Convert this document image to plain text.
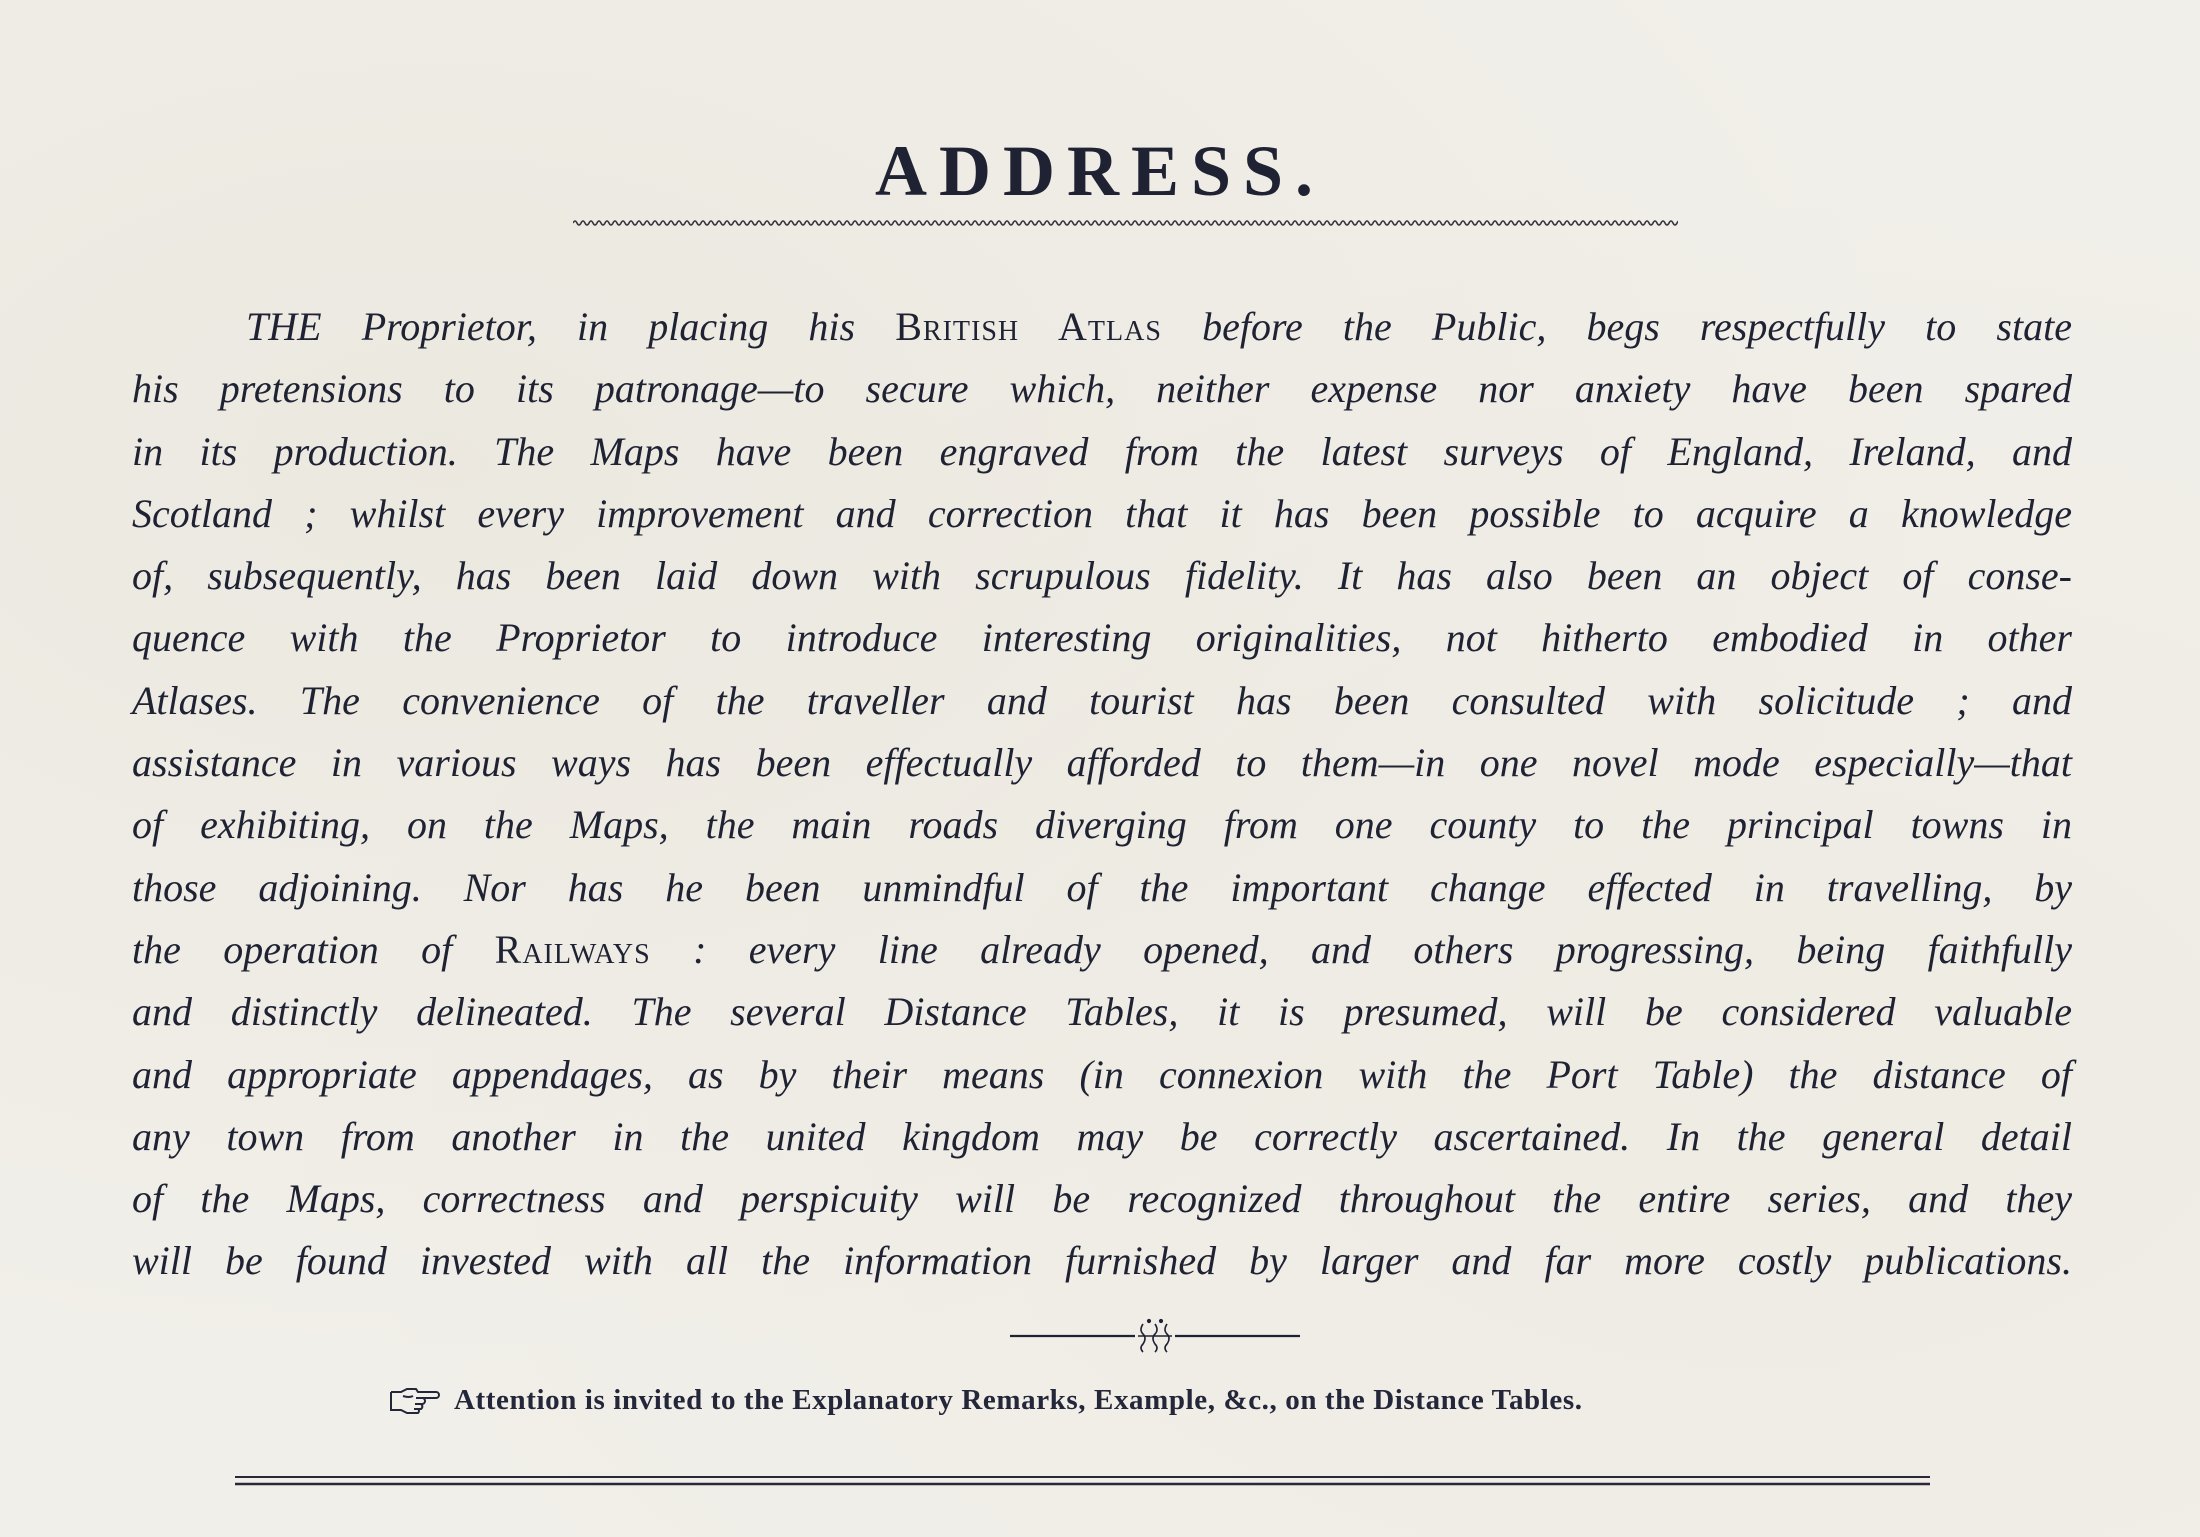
ADDRESS.
THE Proprietor, in placing his British Atlas before the Public, begs respectfully to state
his pretensions to its patronage—to secure which, neither expense nor anxiety have been spared
in its production. The Maps have been engraved from the latest surveys of England, Ireland, and
Scotland ; whilst every improvement and correction that it has been possible to acquire a knowledge
of, subsequently, has been laid down with scrupulous fidelity. It has also been an object of conse-
quence with the Proprietor to introduce interesting originalities, not hitherto embodied in other
Atlases. The convenience of the traveller and tourist has been consulted with solicitude ; and
assistance in various ways has been effectually afforded to them—in one novel mode especially—that
of exhibiting, on the Maps, the main roads diverging from one county to the principal towns in
those adjoining. Nor has he been unmindful of the important change effected in travelling, by
the operation of Railways : every line already opened, and others progressing, being faithfully
and distinctly delineated. The several Distance Tables, it is presumed, will be considered valuable
and appropriate appendages, as by their means (in connexion with the Port Table) the distance of
any town from another in the united kingdom may be correctly ascertained. In the general detail
of the Maps, correctness and perspicuity will be recognized throughout the entire series, and they
will be found invested with all the information furnished by larger and far more costly publications.
Attention is invited to the Explanatory Remarks, Example, &c., on the Distance Tables.
